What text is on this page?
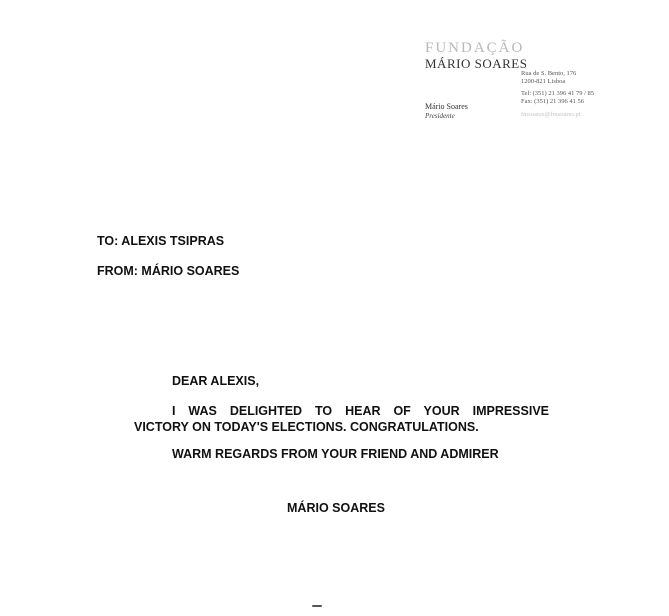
FUNDAÇÃO
MÁRIO SOARES
Rua de S. Bento, 176
1200-821 Lisboa
Tel: (351) 21 396 41 79 / 85
Fax: (351) 21 396 41 56
fmsoares@fmsoares.pt
Mário Soares
Presidente
TO: ALEXIS TSIPRAS
FROM: MÁRIO SOARES
DEAR ALEXIS,
I WAS DELIGHTED TO HEAR OF YOUR IMPRESSIVE
VICTORY ON TODAY'S ELECTIONS. CONGRATULATIONS.
WARM REGARDS FROM YOUR FRIEND AND ADMIRER
MÁRIO SOARES
